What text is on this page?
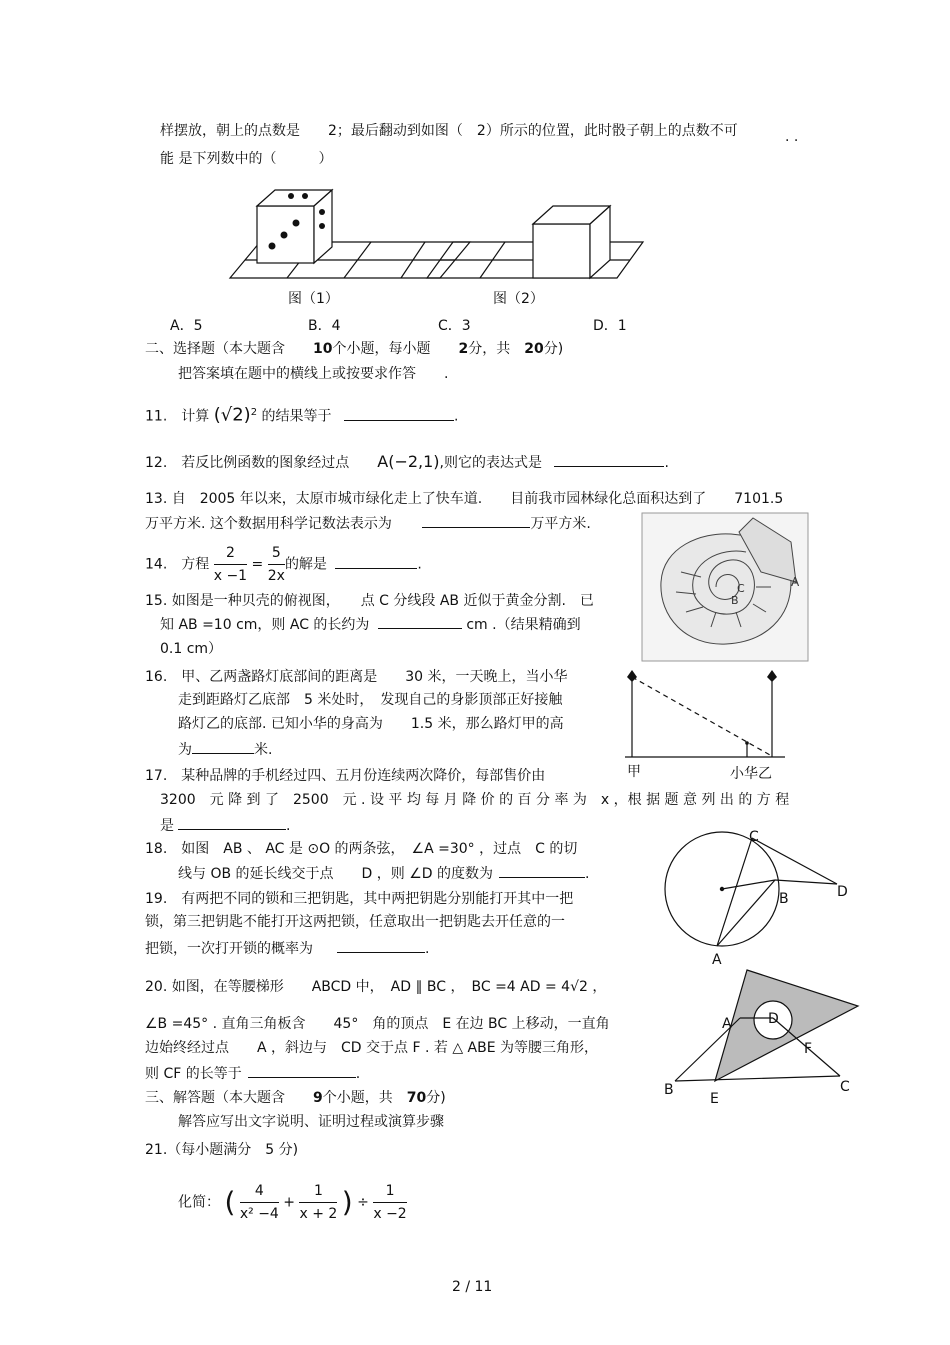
样摆放，朝上的点数是　　2；最后翻动到如图（　2）所示的位置，此时骰子朝上的点数不可	. .
能 是下列数中的（　　　）
图（1）	图（2）
A．5	B．4	C．3	D．1
二、选择题（本大题含　　 10个小题，每小题　　 2分，共　 20分)
把答案填在题中的横线上或按要求作答　　.
11.　计算 $(√2)^2$ 的结果等于	.
12.　若反比例函数的图象经过点　　 A(−2,1),则它的表达式是	.
13. 自　2005 年以来，太原市城市绿化走上了快车道.　　 目前我市园林绿化总面积达到了　　 7101.5
万平方米. 这个数据用科学记数法表示为	万平方米.
A
B
C
14.　方程 $\frac{2}{x -1} = \frac{5}{2x}$ 的解是	.
15. 如图是一种贝壳的俯视图，　　 点 C 分线段 AB 近似于黄金分割.　已
知 AB =10 cm，则 AC 的长约为	cm .（结果精确到
0.1 cm）
16.　甲、乙两盏路灯底部间的距离是　　30 米，一天晚上，当小华
走到距路灯乙底部　5 米处时，　发现自己的身影顶部正好接触
路灯乙的底部. 已知小华的身高为　　1.5 米，那么路灯甲的高
为	米.
甲	小华乙
17.　某种品牌的手机经过四、五月份连续两次降价，每部售价由
3200　元 降 到 了　2500　元 . 设 平 均 每 月 降 价 的 百 分 率 为　x ，根 据 题 意 列 出 的 方 程
是	.
C
B	D
A
18.　如图　AB 、 AC 是 ⊙O 的两条弦，　∠A =30° ，过点　C 的切
线与 OB 的延长线交于点　　D ，则 ∠D 的度数为	.
19.　有两把不同的锁和三把钥匙，其中两把钥匙分别能打开其中一把
锁，第三把钥匙不能打开这两把锁，任意取出一把钥匙去开任意的一
把锁，一次打开锁的概率为	.
20. 如图，在等腰梯形　　ABCD 中，　AD ∥ BC ，　BC =4 AD = 4√2 ，
∠B =45° . 直角三角板含　　45°　角的顶点　E 在边 BC 上移动，一直角
边始终经过点　　A ，斜边与　CD 交于点 F . 若 △ ABE 为等腰三角形，
则 CF 的长等于	.
A	D
F
B
E
C
三、解答题（本大题含　　 9个小题，共　 70分)
解答应写出文字说明、证明过程或演算步骤
21.（每小题满分　5 分)
化简： ( $\frac{4}{\text{x² −4}} + \frac{1}{x + 2}$ ) ÷ $\frac{1}{x -2}$
2 / 11
